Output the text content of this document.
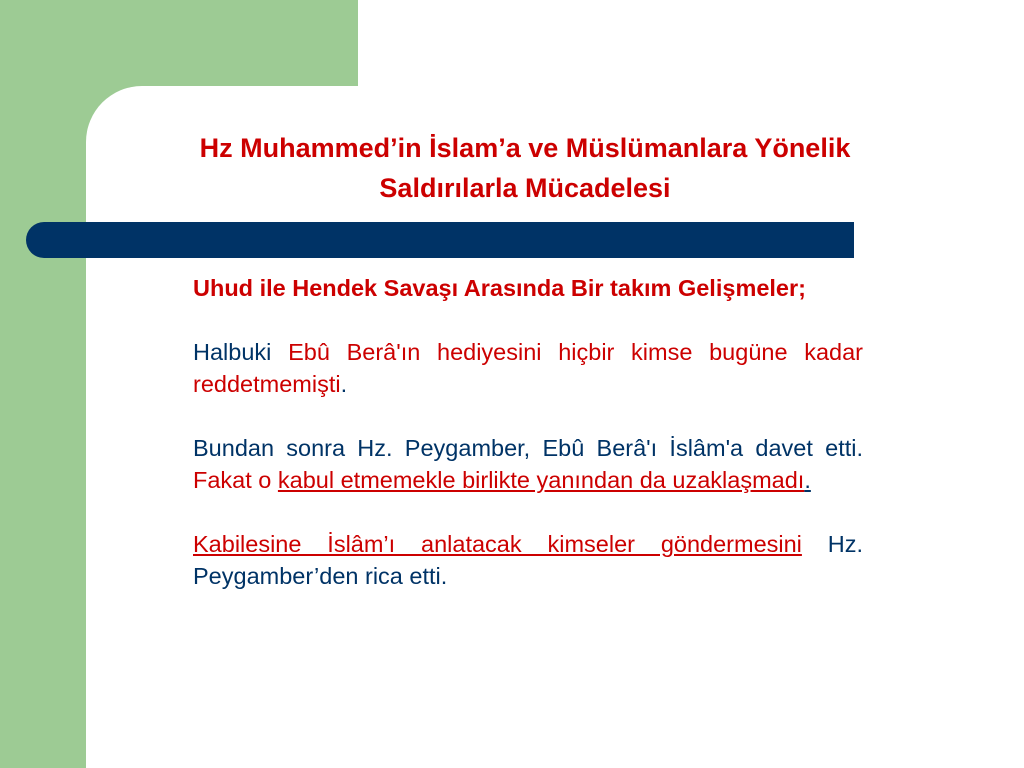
Hz Muhammed’in İslam’a ve Müslümanlara Yönelik Saldırılarla Mücadelesi

Uhud ile Hendek Savaşı Arasında Bir takım Gelişmeler;

Halbuki Ebû Berâ'ın hediyesini hiçbir kimse bugüne kadar reddetmemişti.

Bundan sonra Hz. Peygamber, Ebû Berâ'ı İslâm'a davet etti. Fakat o kabul etmemekle birlikte yanından da uzaklaşmadı.

Kabilesine İslâm’ı anlatacak kimseler göndermesini Hz. Peygamber’den rica etti.
